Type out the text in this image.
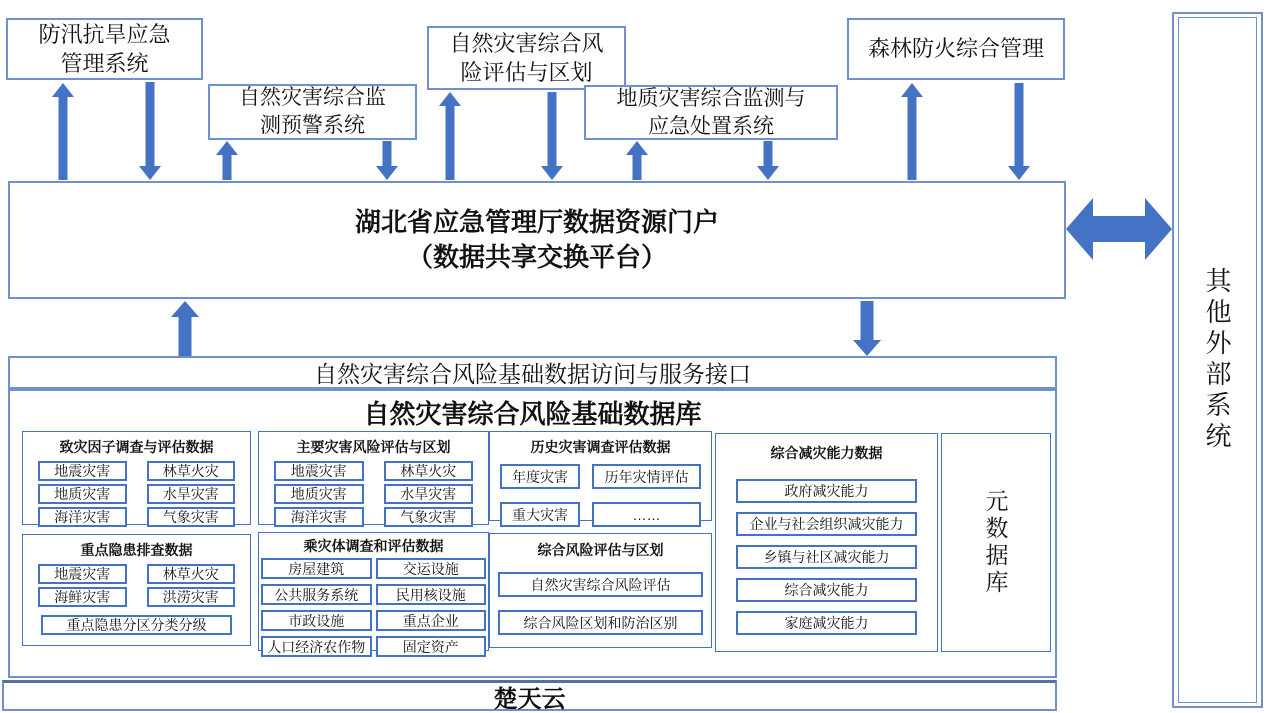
防汛抗旱应急
管理系统
自然灾害综合监
测预警系统
自然灾害综合风
险评估与区划
地质灾害综合监测与
应急处置系统
森林防火综合管理
湖北省应急管理厅数据资源门户
（数据共享交换平台）
其他外部系统
自然灾害综合风险基础数据访问与服务接口
自然灾害综合风险基础数据库
致灾因子调查与评估数据
地震灾害	林草火灾
地质灾害	水旱灾害
海洋灾害	气象灾害
主要灾害风险评估与区划
地震灾害	林草火灾
地质灾害	水旱灾害
海洋灾害	气象灾害
历史灾害调查评估数据
年度灾害	历年灾情评估
重大灾害	……
综合减灾能力数据
政府减灾能力
企业与社会组织减灾能力
乡镇与社区减灾能力
综合减灾能力
家庭减灾能力
元数据库
重点隐患排查数据
地震灾害	林草火灾
海鲜灾害	洪涝灾害
重点隐患分区分类分级
乘灾体调查和评估数据
房屋建筑	交运设施
公共服务系统	民用核设施
市政设施	重点企业
人口经济农作物	固定资产
综合风险评估与区划
自然灾害综合风险评估
综合风险区划和防治区别
楚天云
